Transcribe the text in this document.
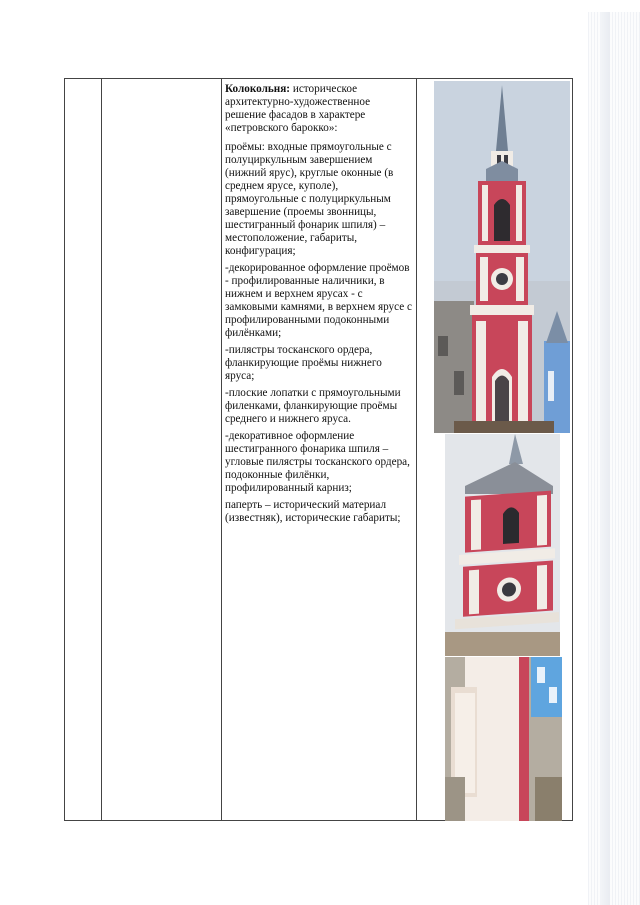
Колокольня: историческое архитектурно-художественное решение фасадов в характере «петровского барокко»:

проёмы: входные прямоугольные с полуциркульным завершением (нижний ярус), круглые оконные (в среднем ярусе, куполе), прямоугольные с полуциркульным завершение (проемы звонницы, шестигранный фонарик шпиля) – местоположение, габариты, конфигурация;

-декорированное оформление проёмов - профилированные наличники, в нижнем и верхнем ярусах - с замковыми камнями, в верхнем ярусе с профилированными подоконными филёнками;

-пилястры тосканского ордера, фланкирующие проёмы нижнего яруса;

-плоские лопатки с прямоугольными филенками, фланкирующие проёмы среднего и нижнего яруса.

-декоративное оформление шестигранного фонарика шпиля – угловые пилястры тосканского ордера, подоконные филёнки, профилированный карниз;

паперть – исторический материал (известняк), исторические габариты;
